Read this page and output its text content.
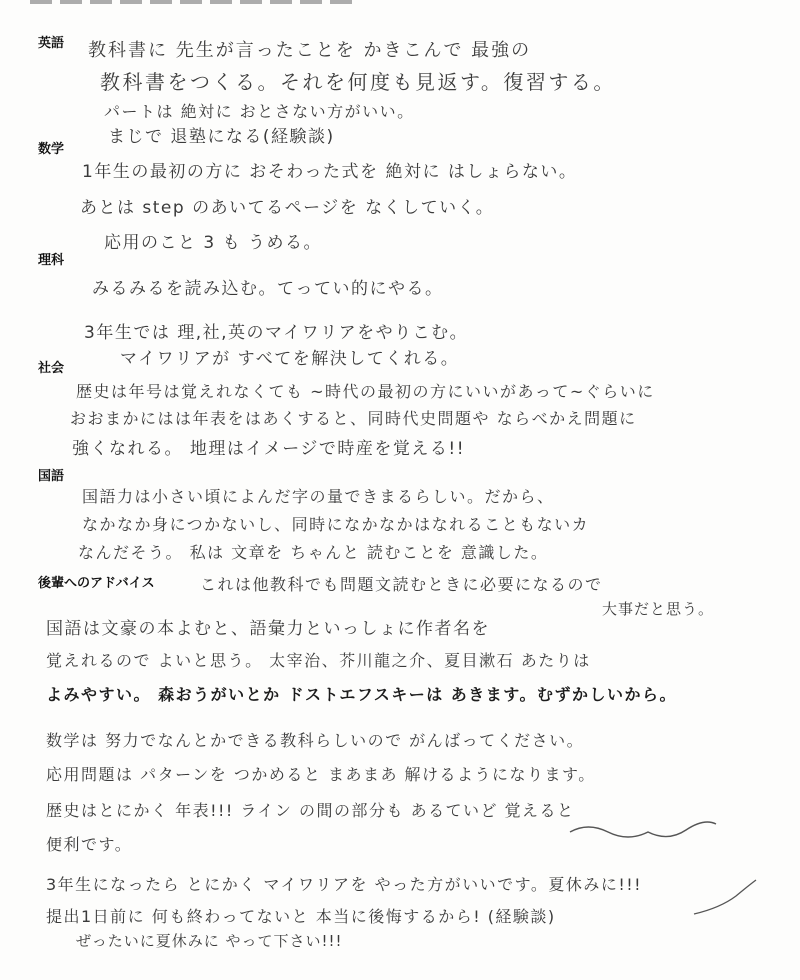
英語
数学
理科
社会
国語
後輩へのアドバイス
教科書に 先生が言ったことを かきこんで 最強の
教科書をつくる。それを何度も見返す。復習する。
パートは 絶対に おとさない方がいい。
まじで 退塾になる(経験談)
1年生の最初の方に おそわった式を 絶対に はしょらない。
あとは step のあいてるページを なくしていく。
応用のこと 3 も うめる。
みるみるを読み込む。てってい的にやる。
3年生では 理,社,英のマイワリアをやりこむ。
マイワリアが すべてを解決してくれる。
歴史は年号は覚えれなくても ~時代の最初の方にいいがあって~ぐらいに
おおまかにはは年表をはあくすると、同時代史問題や ならべかえ問題に
強くなれる。 地理はイメージで時産を覚える!!
国語力は小さい頃によんだ字の量できまるらしい。だから、
なかなか身につかないし、同時になかなかはなれることもないカ
なんだそう。 私は 文章を ちゃんと 読むことを 意識した。
これは他教科でも問題文読むときに必要になるので
大事だと思う。
国語は文豪の本よむと、語彙力といっしょに作者名を
覚えれるので よいと思う。 太宰治、芥川龍之介、夏目漱石 あたりは
よみやすい。 森おうがいとか ドストエフスキーは あきます。むずかしいから。
数学は 努力でなんとかできる教科らしいので がんばってください。
応用問題は パターンを つかめると まあまあ 解けるようになります。
歴史はとにかく 年表!!! ライン の間の部分も あるていど 覚えると
便利です。
3年生になったら とにかく マイワリアを やった方がいいです。夏休みに!!!
提出1日前に 何も終わってないと 本当に後悔するから! (経験談)
ぜったいに夏休みに やって下さい!!!
